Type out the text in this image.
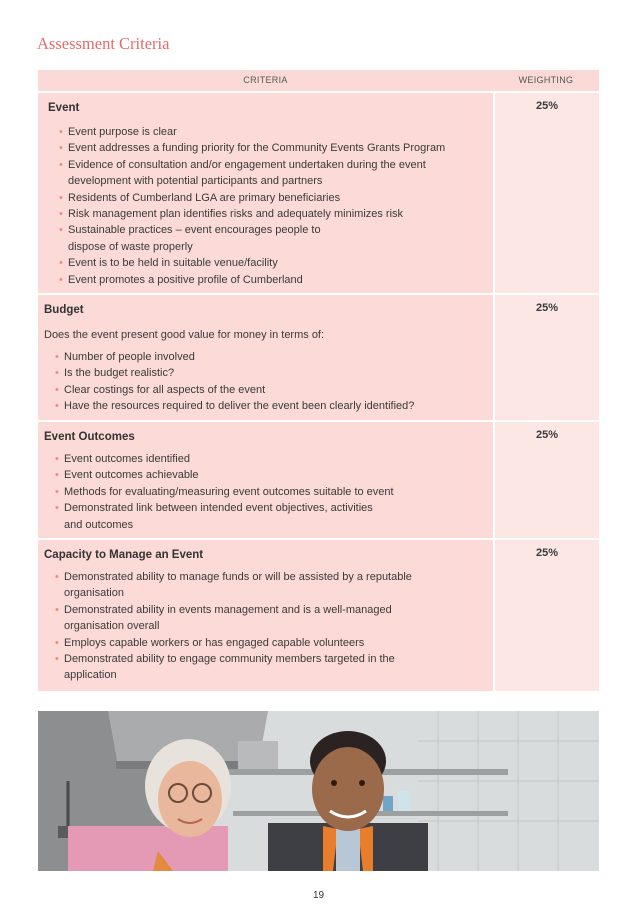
Assessment Criteria
CRITERIA	WEIGHTING
Event
• Event purpose is clear
• Event addresses a funding priority for the Community Events Grants Program
• Evidence of consultation and/or engagement undertaken during the event development with potential participants and partners
• Residents of Cumberland LGA are primary beneficiaries
• Risk management plan identifies risks and adequately minimizes risk
• Sustainable practices – event encourages people to dispose of waste properly
• Event is to be held in suitable venue/facility
• Event promotes a positive profile of Cumberland
25%
Budget
Does the event present good value for money in terms of:
• Number of people involved
• Is the budget realistic?
• Clear costings for all aspects of the event
• Have the resources required to deliver the event been clearly identified?
25%
Event Outcomes
• Event outcomes identified
• Event outcomes achievable
• Methods for evaluating/measuring event outcomes suitable to event
• Demonstrated link between intended event objectives, activities and outcomes
25%
Capacity to Manage an Event
• Demonstrated ability to manage funds or will be assisted by a reputable organisation
• Demonstrated ability in events management and is a well-managed organisation overall
• Employs capable workers or has engaged capable volunteers
• Demonstrated ability to engage community members targeted in the application
25%
19
